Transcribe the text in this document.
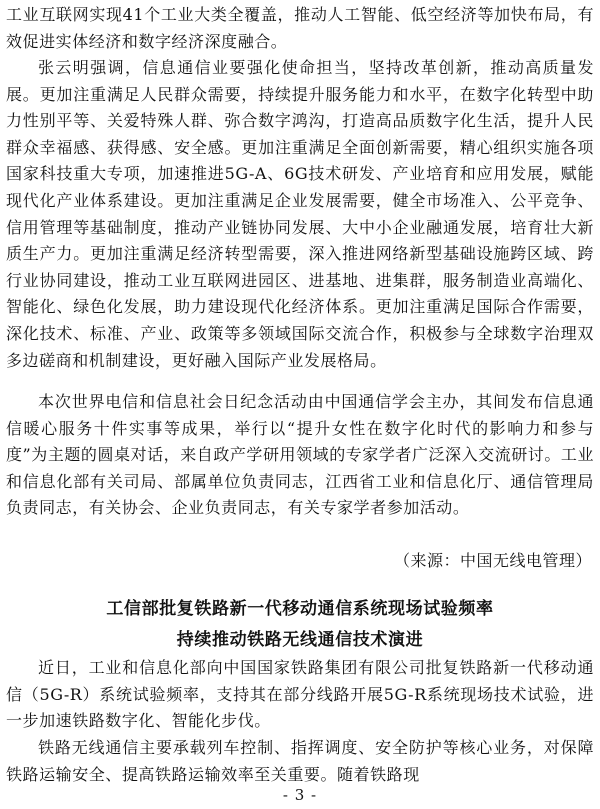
工业互联网实现41个工业大类全覆盖，推动人工智能、低空经济等加快布局，有效促进实体经济和数字经济深度融合。

张云明强调，信息通信业要强化使命担当，坚持改革创新，推动高质量发展。更加注重满足人民群众需要，持续提升服务能力和水平，在数字化转型中助力性别平等、关爱特殊人群、弥合数字鸿沟，打造高品质数字化生活，提升人民群众幸福感、获得感、安全感。更加注重满足全面创新需要，精心组织实施各项国家科技重大专项，加速推进5G-A、6G技术研发、产业培育和应用发展，赋能现代化产业体系建设。更加注重满足企业发展需要，健全市场准入、公平竞争、信用管理等基础制度，推动产业链协同发展、大中小企业融通发展，培育壮大新质生产力。更加注重满足经济转型需要，深入推进网络新型基础设施跨区域、跨行业协同建设，推动工业互联网进园区、进基地、进集群，服务制造业高端化、智能化、绿色化发展，助力建设现代化经济体系。更加注重满足国际合作需要，深化技术、标准、产业、政策等多领域国际交流合作，积极参与全球数字治理双多边磋商和机制建设，更好融入国际产业发展格局。

本次世界电信和信息社会日纪念活动由中国通信学会主办，其间发布信息通信暖心服务十件实事等成果，举行以“提升女性在数字化时代的影响力和参与度”为主题的圆桌对话，来自政产学研用领域的专家学者广泛深入交流研讨。工业和信息化部有关司局、部属单位负责同志，江西省工业和信息化厅、通信管理局负责同志，有关协会、企业负责同志，有关专家学者参加活动。

（来源：中国无线电管理）
工信部批复铁路新一代移动通信系统现场试验频率
持续推动铁路无线通信技术演进

近日，工业和信息化部向中国国家铁路集团有限公司批复铁路新一代移动通信（5G-R）系统试验频率，支持其在部分线路开展5G-R系统现场技术试验，进一步加速铁路数字化、智能化步伐。

铁路无线通信主要承载列车控制、指挥调度、安全防护等核心业务，对保障铁路运输安全、提高铁路运输效率至关重要。随着铁路现

- 3 -
